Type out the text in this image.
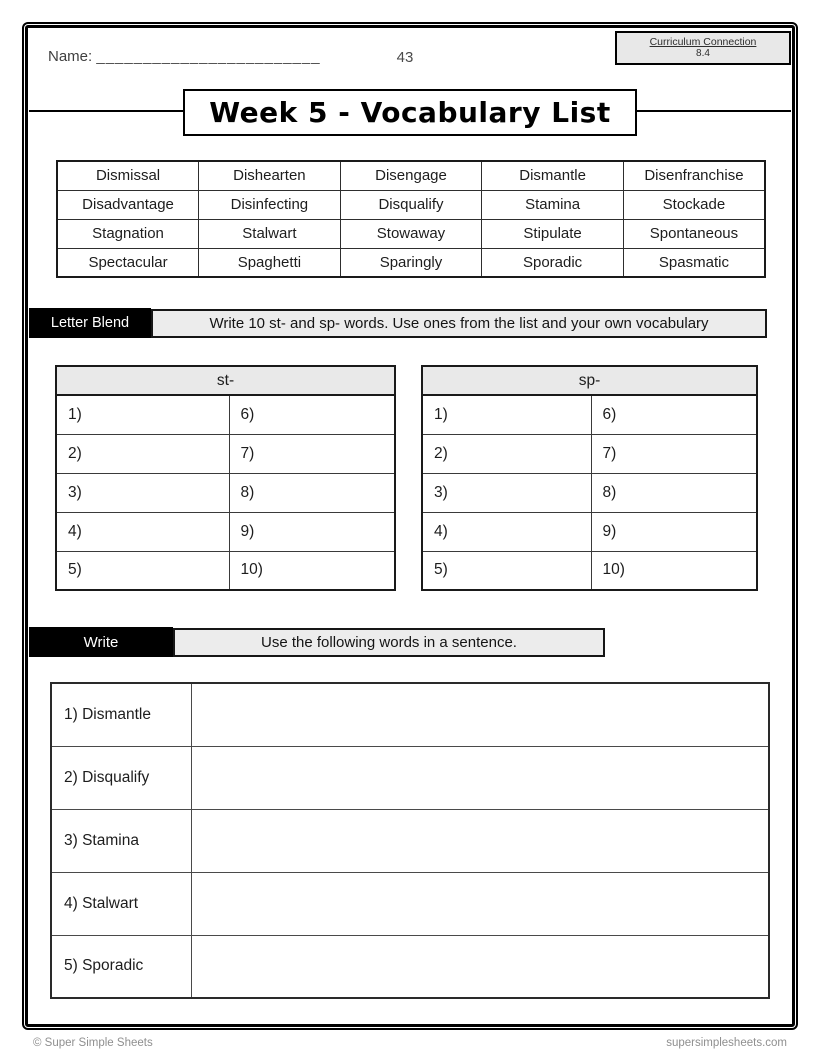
Name: ________________________	43
Curriculum Connection
8.4
Week 5 - Vocabulary List
Dismissal	Dishearten	Disengage	Dismantle	Disenfranchise
Disadvantage	Disinfecting	Disqualify	Stamina	Stockade
Stagnation	Stalwart	Stowaway	Stipulate	Spontaneous
Spectacular	Spaghetti	Sparingly	Sporadic	Spasmatic
Letter Blend	Write 10 st- and sp- words. Use ones from the list and your own vocabulary
st-	
1)	6)
2)	7)
3)	8)
4)	9)
5)	10)
sp-	
1)	6)
2)	7)
3)	8)
4)	9)
5)	10)
Write	Use the following words in a sentence.
1) Dismantle	
2) Disqualify	
3) Stamina	
4) Stalwart	
5) Sporadic	
© Super Simple Sheets	supersimplesheets.com
